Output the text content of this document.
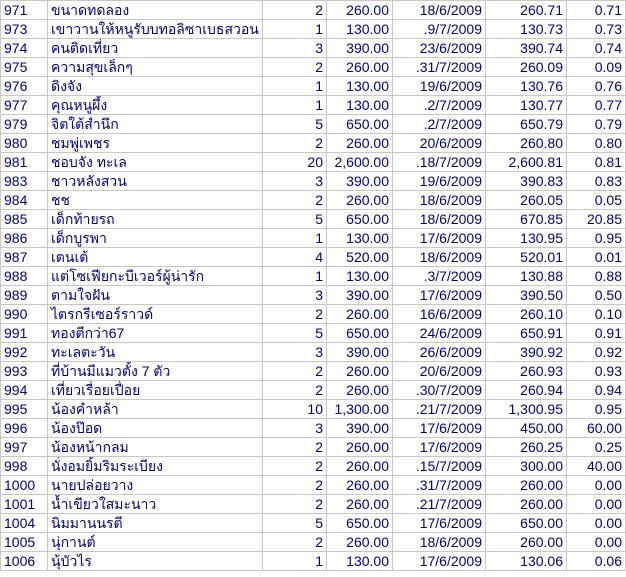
971	ขนาดทดลอง	2	260.00	18/6/2009	260.71	0.71
973	เขาวานให้หนูรับบทอลิซาเบธสวอน	1	130.00	.9/7/2009	130.73	0.73
974	คนติดเที่ยว	3	390.00	23/6/2009	390.74	0.74
975	ความสุขเล็กๆ	2	260.00	.31/7/2009	260.09	0.09
976	ดิงจัง	1	130.00	19/6/2009	130.76	0.76
977	คุณหนูผึ้ง	1	130.00	.2/7/2009	130.77	0.77
979	จิตใต้สำนึก	5	650.00	.2/7/2009	650.79	0.79
980	ชมพู่เพชร	2	260.00	20/6/2009	260.80	0.80
981	ชอบจัง ทะเล	20	2,600.00	.18/7/2009	2,600.81	0.81
983	ชาวหลังสวน	3	390.00	19/6/2009	390.83	0.83
984	ชช	2	260.00	18/6/2009	260.05	0.05
985	เด็กท้ายรถ	5	650.00	18/6/2009	670.85	20.85
986	เด็กบูรพา	1	130.00	17/6/2009	130.95	0.95
987	เตนเต้	4	520.00	18/6/2009	520.01	0.01
988	แต่โซเฟียกะบีเวอร์ผู้น่ารัก	1	130.00	.3/7/2009	130.88	0.88
989	ตามใจฝัน	3	390.00	17/6/2009	390.50	0.50
990	ไตรกรีเซอร์ราวด์	2	260.00	16/6/2009	260.10	0.10
991	ทองตีกว่า67	5	650.00	24/6/2009	650.91	0.91
992	ทะเลตะวัน	3	390.00	26/6/2009	390.92	0.92
993	ที่บ้านมีแมวตั้ง 7 ตัว	2	260.00	20/6/2009	260.93	0.93
994	เที่ยวเรื่อยเปื่อย	2	260.00	.30/7/2009	260.94	0.94
995	น้องคำหล้า	10	1,300.00	.21/7/2009	1,300.95	0.95
996	น้องป๊อด	3	390.00	17/6/2009	450.00	60.00
997	น้องหน้ากลม	2	260.00	17/6/2009	260.25	0.25
998	นั่งอมยิ้มริมระเบียง	2	260.00	.15/7/2009	300.00	40.00
1000	นายปล่อยวาง	2	260.00	.31/7/2009	260.00	0.00
1001	น้ำเขียวใสมะนาว	2	260.00	.21/7/2009	260.00	0.00
1004	นิมมานนรตี	5	650.00	17/6/2009	650.00	0.00
1005	นุ่กานต์	2	260.00	18/6/2009	260.00	0.00
1006	นุ้บัวไร	1	130.00	17/6/2009	130.06	0.06
